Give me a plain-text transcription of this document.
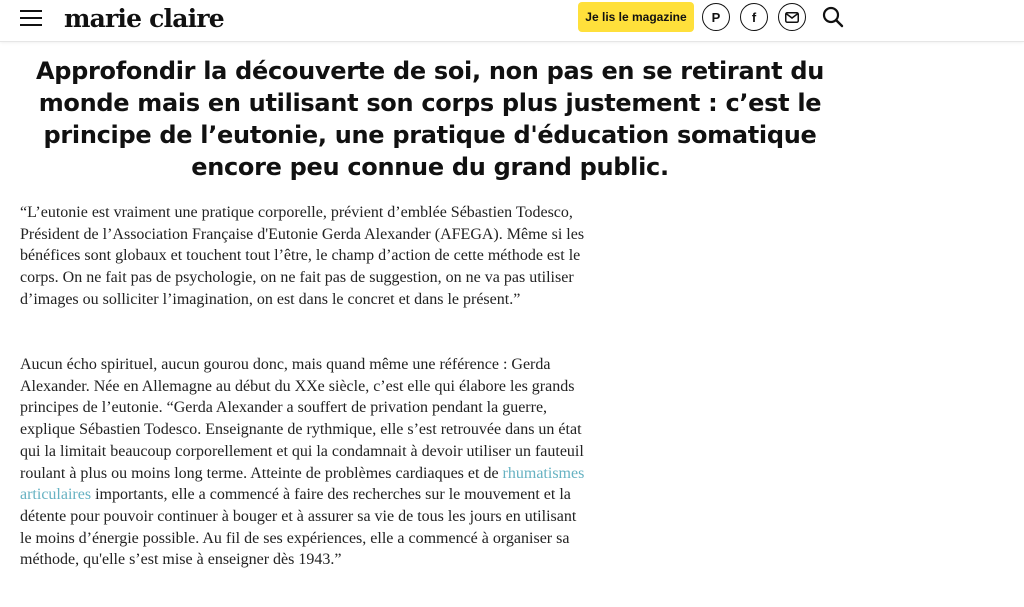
marie claire	Je lis le magazine	P f
Approfondir la découverte de soi, non pas en se retirant du monde mais en utilisant son corps plus justement : c’est le principe de l’eutonie, une pratique d'éducation somatique encore peu connue du grand public.

“L’eutonie est vraiment une pratique corporelle, prévient d’emblée Sébastien Todesco, Président de l’Association Française d'Eutonie Gerda Alexander (AFEGA). Même si les bénéfices sont globaux et touchent tout l’être, le champ d’action de cette méthode est le corps. On ne fait pas de psychologie, on ne fait pas de suggestion, on ne va pas utiliser d’images ou solliciter l’imagination, on est dans le concret et dans le présent.”

Aucun écho spirituel, aucun gourou donc, mais quand même une référence : Gerda Alexander. Née en Allemagne au début du XXe siècle, c’est elle qui élabore les grands principes de l’eutonie. “Gerda Alexander a souffert de privation pendant la guerre, explique Sébastien Todesco. Enseignante de rythmique, elle s’est retrouvée dans un état qui la limitait beaucoup corporellement et qui la condamnait à devoir utiliser un fauteuil roulant à plus ou moins long terme. Atteinte de problèmes cardiaques et de rhumatismes articulaires importants, elle a commencé à faire des recherches sur le mouvement et la détente pour pouvoir continuer à bouger et à assurer sa vie de tous les jours en utilisant le moins d’énergie possible. Au fil de ses expériences, elle a commencé à organiser sa méthode, qu'elle s’est mise à enseigner dès 1943.”
